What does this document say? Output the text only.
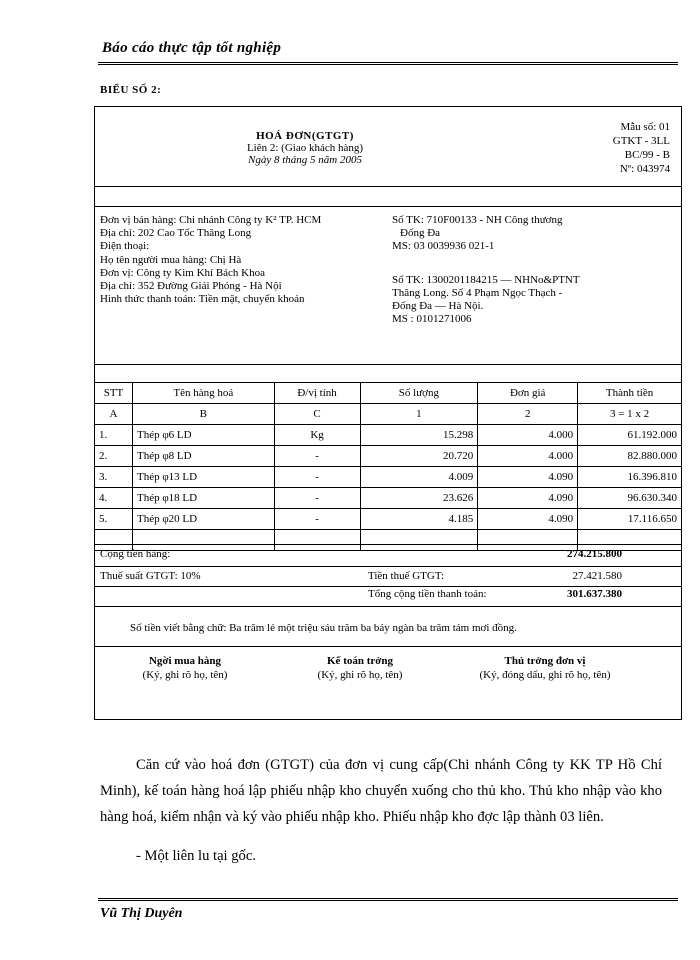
Báo cáo thực tập tốt nghiệp
BIỂU SỐ 2:
HOÁ ĐƠN(GTGT)
Liên 2: (Giao khách hàng)
Ngày 8 tháng 5 năm 2005
Mẫu số: 01
GTKT - 3LL
BC/99 - B
Nº: 043974
Đơn vị bán hàng: Chi nhánh Công ty K² TP. HCM
Địa chỉ: 202 Cao Tốc Thăng Long
Điện thoại:
Họ tên người mua hàng: Chị Hà
Đơn vị: Công ty Kim Khí Bách Khoa
Địa chỉ: 352 Đường Giải Phóng - Hà Nội
Hình thức thanh toán: Tiền mặt, chuyển khoản
Số TK: 710F00133 - NH Công thương
Đống Đa
MS: 03 0039936 021-1
Số TK: 1300201184215 — NHNo&PTNT
Thăng Long. Số 4 Phạm Ngọc Thạch -
Đống Đa — Hà Nội.
MS : 0101271006
STT	Tên hàng hoá	Đ/vị tính	Số lượng	Đơn giá	Thành tiền
A	B	C	1	2	3 = 1 x 2
1.	Thép φ6 LD	Kg	15.298	4.000	61.192.000
2.	Thép φ8 LD	-	20.720	4.000	82.880.000
3.	Thép φ13 LD	-	4.009	4.090	16.396.810
4.	Thép φ18 LD	-	23.626	4.090	96.630.340
5.	Thép φ20 LD	-	4.185	4.090	17.116.650

Cộng tiền hàng:	274.215.800
Thuế suất GTGT: 10%	Tiền thuế GTGT:	27.421.580
Tổng cộng tiền thanh toán:	301.637.380
Số tiền viết bằng chữ: Ba trăm lẻ một triệu sáu trăm ba bảy ngàn ba trăm tám mơi đồng.
Ngời mua hàng
(Ký, ghi rõ họ, tên)
Kế toán trởng
(Ký, ghi rõ họ, tên)
Thủ trởng đơn vị
(Ký, đóng dấu, ghi rõ họ, tên)

Căn cứ vào hoá đơn (GTGT) của đơn vị cung cấp(Chi nhánh Công ty KK TP Hồ Chí Minh), kế toán hàng hoá lập phiếu nhập kho chuyển xuống cho thủ kho. Thủ kho nhập vào kho hàng hoá, kiểm nhận và ký vào phiếu nhập kho. Phiếu nhập kho đợc lập thành 03 liên.

- Một liên lu tại gốc.
Vũ Thị Duyên
